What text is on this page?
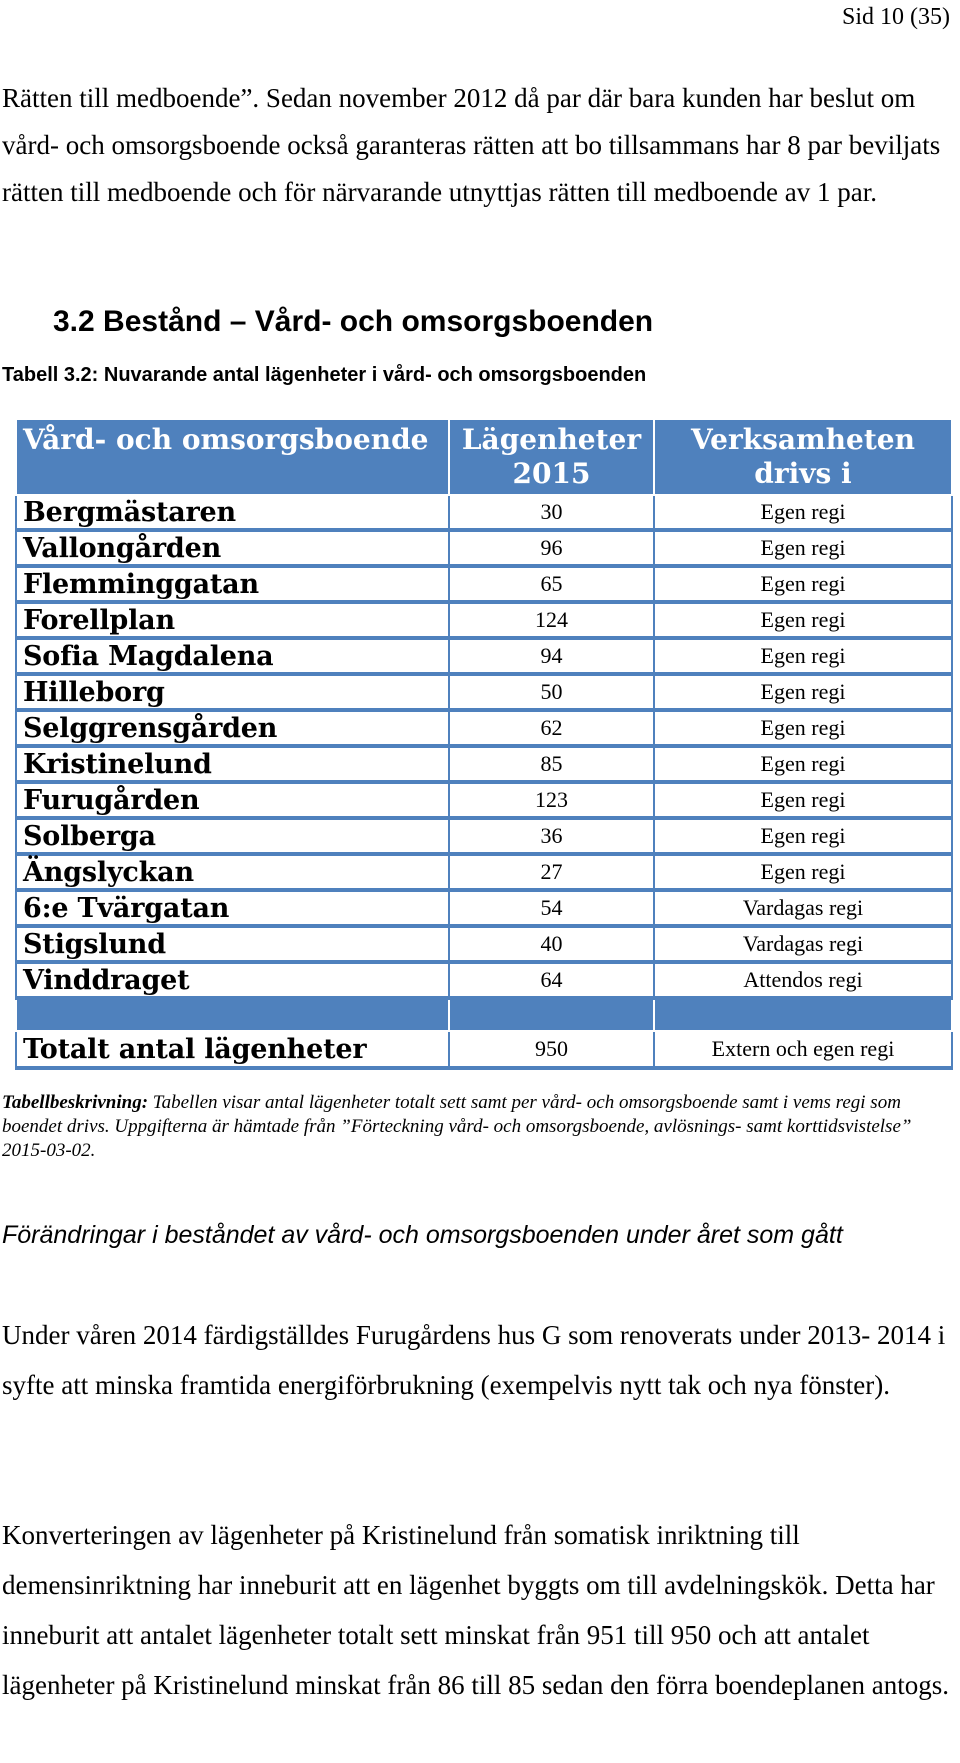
Sid 10 (35)

Rätten till medboende”. Sedan november 2012 då par där bara kunden har beslut om vård- och omsorgsboende också garanteras rätten att bo tillsammans har 8 par beviljats rätten till medboende och för närvarande utnyttjas rätten till medboende av 1 par.

3.2 Bestånd – Vård- och omsorgsboenden

Tabell 3.2: Nuvarande antal lägenheter i vård- och omsorgsboenden

Vård- och omsorgsboende	Lägenheter 2015	Verksamheten drivs i
Bergmästaren	30	Egen regi
Vallongården	96	Egen regi
Flemminggatan	65	Egen regi
Forellplan	124	Egen regi
Sofia Magdalena	94	Egen regi
Hilleborg	50	Egen regi
Selggrensgården	62	Egen regi
Kristinelund	85	Egen regi
Furugården	123	Egen regi
Solberga	36	Egen regi
Ängslyckan	27	Egen regi
6:e Tvärgatan	54	Vardagas regi
Stigslund	40	Vardagas regi
Vinddraget	64	Attendos regi

Totalt antal lägenheter	950	Extern och egen regi

Tabellbeskrivning: Tabellen visar antal lägenheter totalt sett samt per vård- och omsorgsboende samt i vems regi som boendet drivs. Uppgifterna är hämtade från ”Förteckning vård- och omsorgsboende, avlösnings- samt korttidsvistelse” 2015-03-02.

Förändringar i beståndet av vård- och omsorgsboenden under året som gått

Under våren 2014 färdigställdes Furugårdens hus G som renoverats under 2013- 2014 i syfte att minska framtida energiförbrukning (exempelvis nytt tak och nya fönster).

Konverteringen av lägenheter på Kristinelund från somatisk inriktning till demensinriktning har inneburit att en lägenhet byggts om till avdelningskök. Detta har inneburit att antalet lägenheter totalt sett minskat från 951 till 950 och att antalet lägenheter på Kristinelund minskat från 86 till 85 sedan den förra boendeplanen antogs.
